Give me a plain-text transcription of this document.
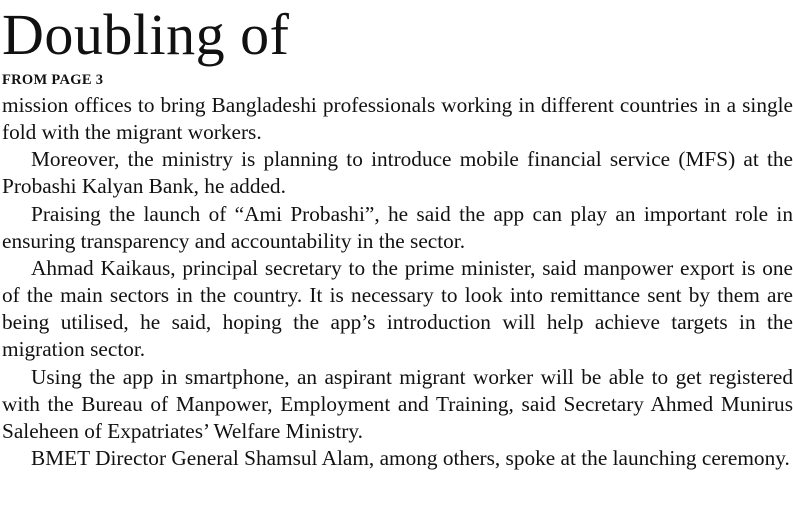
Doubling of
FROM PAGE 3

mission offices to bring Bangladeshi professionals working in different countries in a single fold with the migrant workers.

Moreover, the ministry is planning to introduce mobile financial service (MFS) at the Probashi Kalyan Bank, he added.

Praising the launch of “Ami Probashi”, he said the app can play an important role in ensuring transparency and accountability in the sector.

Ahmad Kaikaus, principal secretary to the prime minister, said manpower export is one of the main sectors in the country. It is necessary to look into remittance sent by them are being utilised, he said, hoping the app’s introduction will help achieve targets in the migration sector.

Using the app in smartphone, an aspirant migrant worker will be able to get registered with the Bureau of Manpower, Employment and Training, said Secretary Ahmed Munirus Saleheen of Expatriates’ Welfare Ministry.

BMET Director General Shamsul Alam, among others, spoke at the launching ceremony.
